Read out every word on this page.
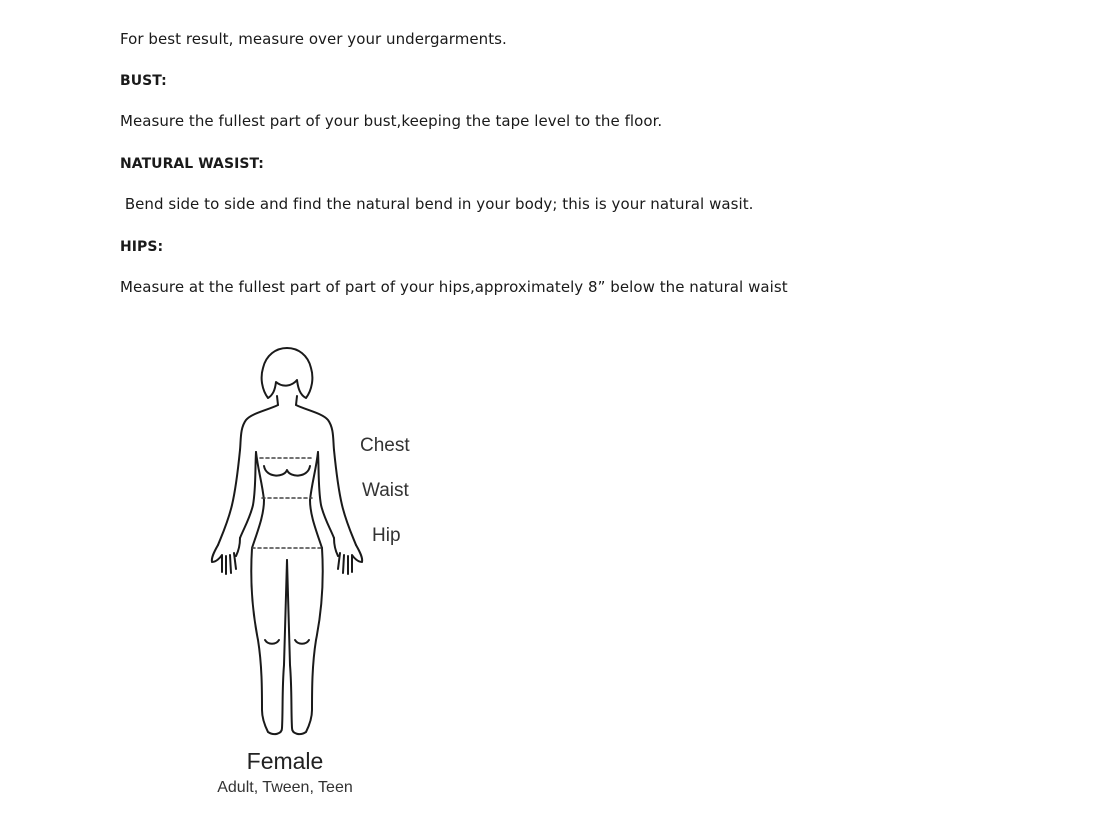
For best result, measure over your undergarments.
BUST:
Measure the fullest part of your bust,keeping the tape level to the floor.
NATURAL WASIST:
Bend side to side and find the natural bend in your body; this is your natural wasit.
HIPS:
Measure at the fullest part of part of your hips,approximately 8” below the natural waist
Chest
Waist
Hip
Female
Adult, Tween, Teen
